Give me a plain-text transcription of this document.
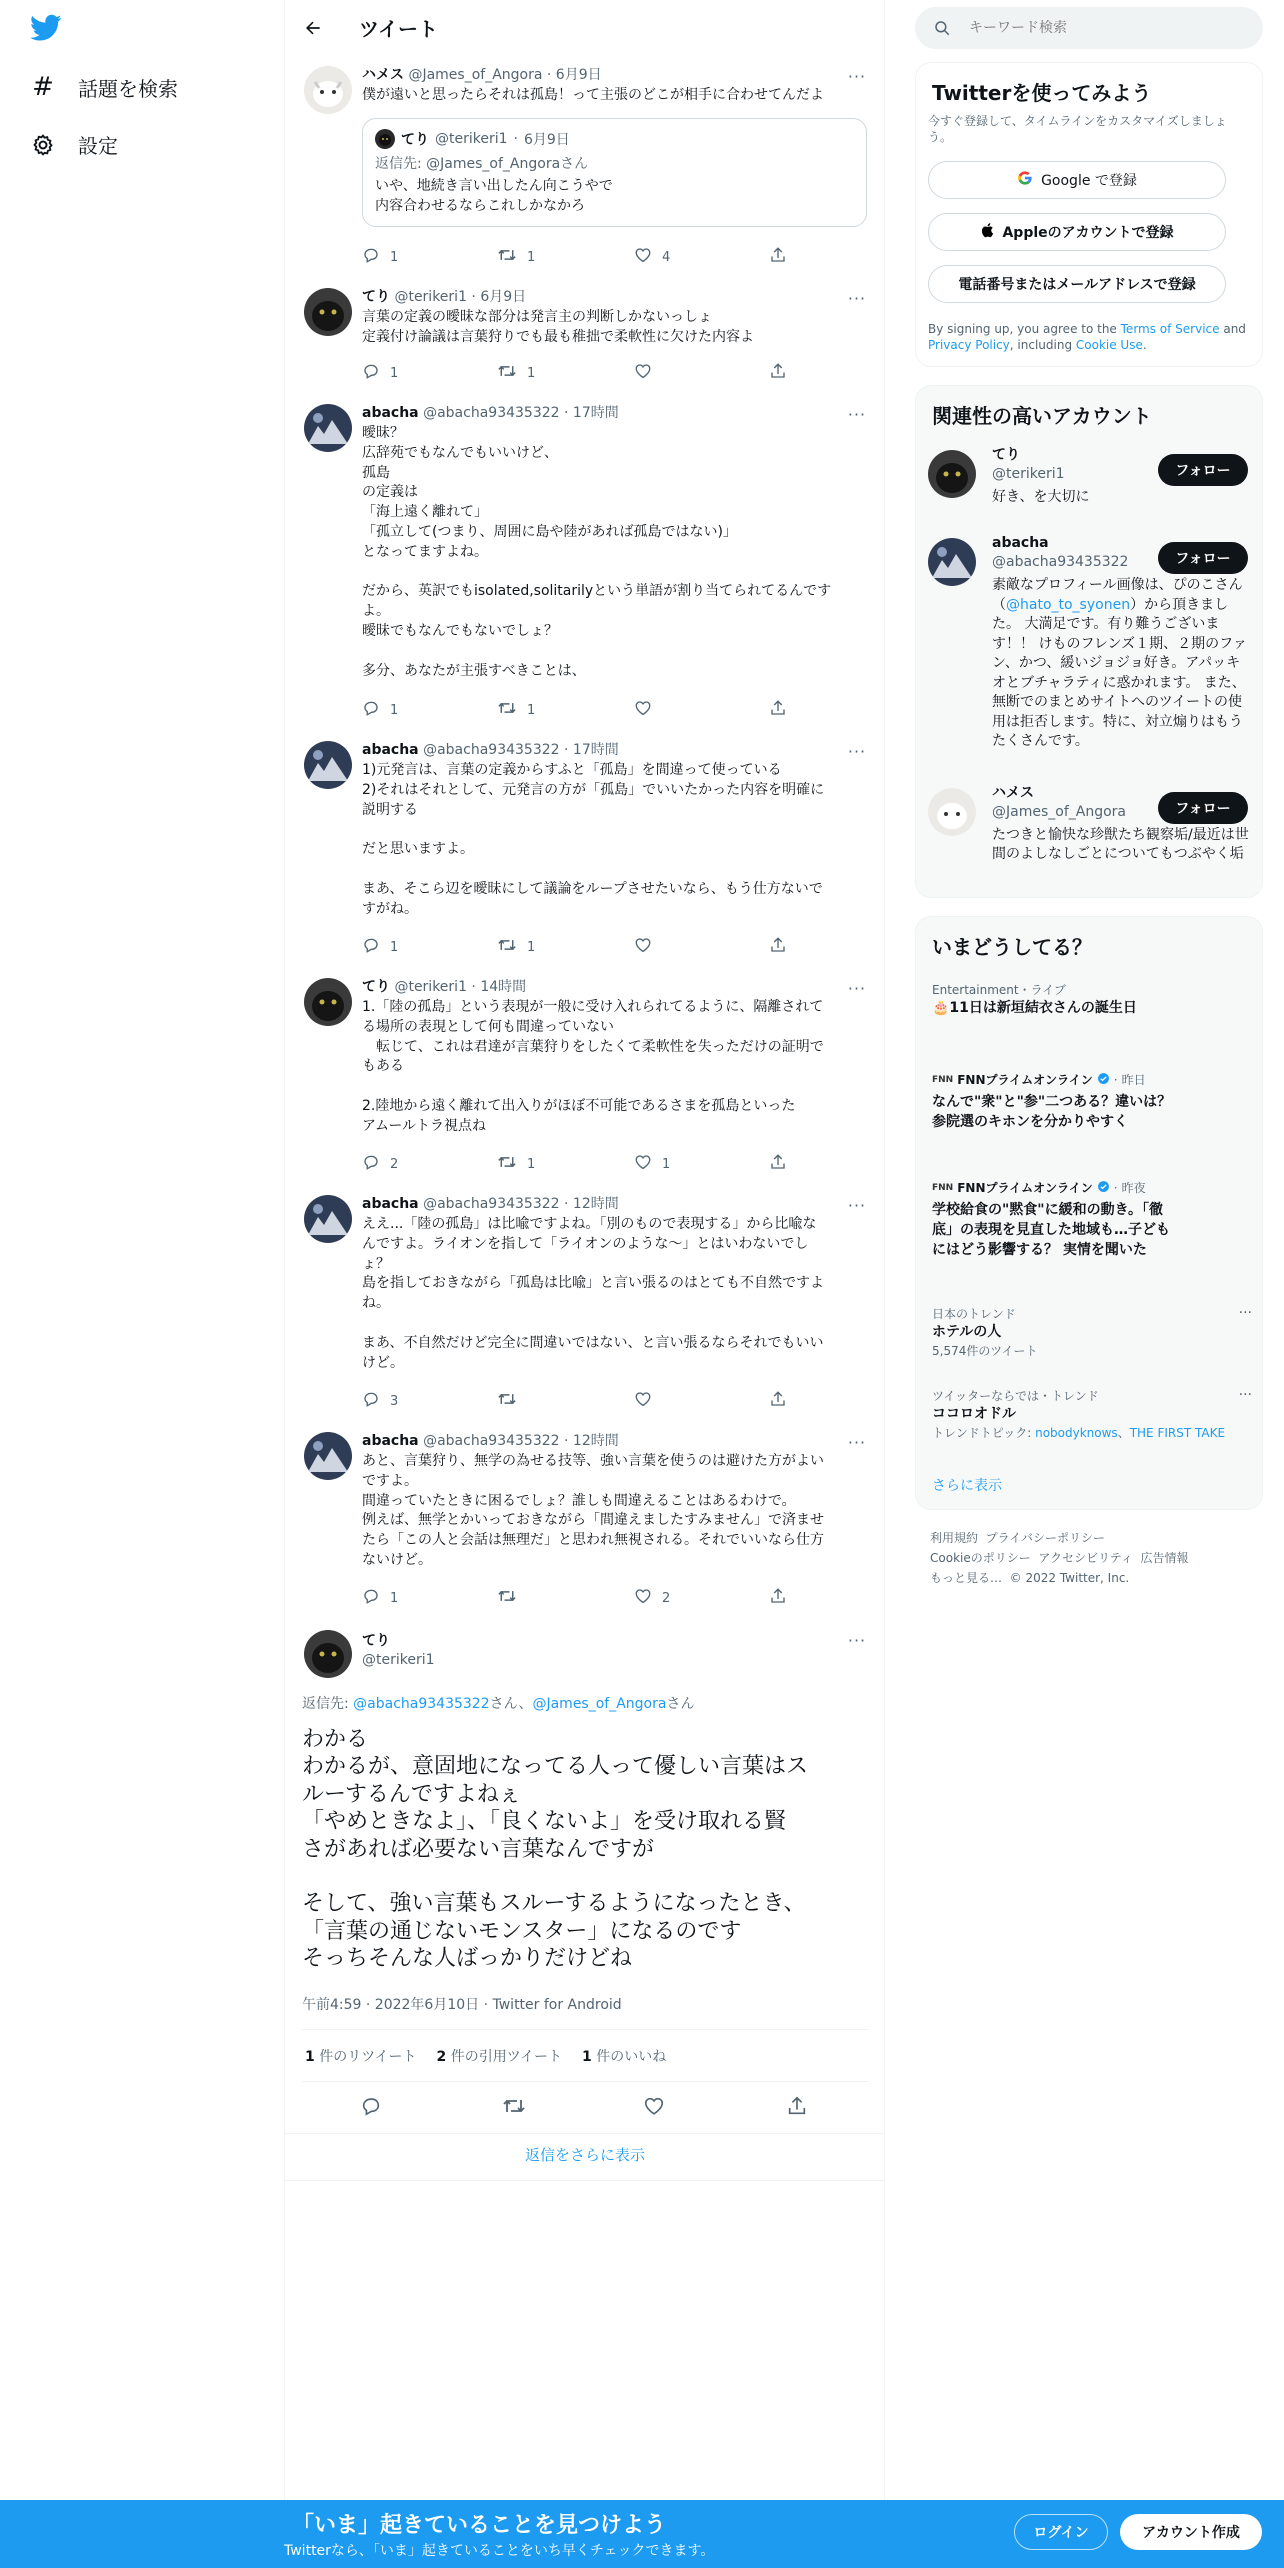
# 話題を検索
設定
ツイート
ハメス @James_of_Angora · 6月9日
僕が遠いと思ったらそれは孤島！って主張のどこが相手に合わせてんだよ
てり @terikeri1 · 6月9日
返信先: @James_of_Angoraさん
いや、地続き言い出したん向こうやで
内容合わせるならこれしかなかろ
···
1	1	4
てり @terikeri1 · 6月9日
言葉の定義の曖昧な部分は発言主の判断しかないっしょ
定義付け論議は言葉狩りでも最も稚拙で柔軟性に欠けた内容よ
···
1	1
abacha @abacha93435322 · 17時間
曖昧？
広辞苑でもなんでもいいけど、
孤島
の定義は
「海上遠く離れて」
「孤立して(つまり、周囲に島や陸があれば孤島ではない)」
となってますよね。

だから、英訳でもisolated,solitarilyという単語が割り当てられてるんです
よ。
曖昧でもなんでもないでしょ？

多分、あなたが主張すべきことは、
···
1	1
abacha @abacha93435322 · 17時間
1)元発言は、言葉の定義からすふと「孤島」を間違って使っている
2)それはそれとして、元発言の方が「孤島」でいいたかった内容を明確に
説明する

だと思いますよ。

まあ、そこら辺を曖昧にして議論をループさせたいなら、もう仕方ないで
すがね。
···
1	1
てり @terikeri1 · 14時間
1.「陸の孤島」という表現が一般に受け入れられてるように、隔離されて
る場所の表現として何も間違っていない
　転じて、これは君達が言葉狩りをしたくて柔軟性を失っただけの証明で
もある

2.陸地から遠く離れて出入りがほぼ不可能であるさまを孤島といった
アムールトラ視点ね
···
2	1	1
abacha @abacha93435322 · 12時間
ええ...「陸の孤島」は比喩ですよね。「別のもので表現する」から比喩な
んですよ。ライオンを指して「ライオンのような～」とはいわないでし
ょ？
島を指しておきながら「孤島は比喩」と言い張るのはとても不自然ですよ
ね。

まあ、不自然だけど完全に間違いではない、と言い張るならそれでもいい
けど。
···
3
abacha @abacha93435322 · 12時間
あと、言葉狩り、無学の為せる技等、強い言葉を使うのは避けた方がよい
ですよ。
間違っていたときに困るでしょ？誰しも間違えることはあるわけで。
例えば、無学とかいっておきながら「間違えましたすみません」で済ませ
たら「この人と会話は無理だ」と思われ無視される。それでいいなら仕方
ないけど。
···
1	2
てり
@terikeri1
···
返信先: @abacha93435322さん、@James_of_Angoraさん
わかる
わかるが、意固地になってる人って優しい言葉はス
ルーするんですよねぇ
「やめときなよ」、「良くないよ」を受け取れる賢
さがあれば必要ない言葉なんですが

そして、強い言葉もスルーするようになったとき、
「言葉の通じないモンスター」になるのです
そっちそんな人ばっかりだけどね
午前4:59 · 2022年6月10日 · Twitter for Android
1 件のリツイート 2 件の引用ツイート 1 件のいいね
返信をさらに表示
キーワード検索
Twitterを使ってみよう
今すぐ登録して、タイムラインをカスタマイズしましょう。
Google で登録
Appleのアカウントで登録
電話番号またはメールアドレスで登録
By signing up, you agree to the Terms of Service and Privacy Policy, including Cookie Use.
関連性の高いアカウント
てり
@terikeri1
好き、を大切に
フォロー
abacha
@abacha93435322
素敵なプロフィール画像は、ぴのこさん（@hato_to_syonen）から頂きました。 大満足です。有り難うございます！！ けものフレンズ１期、２期のファン、かつ、緩いジョジョ好き。アパッキオとブチャラティに惑かれます。 また、無断でのまとめサイトへのツイートの使用は拒否します。特に、対立煽りはもうたくさんです。
フォロー
ハメス
@James_of_Angora
たつきと愉快な珍獣たち観察垢/最近は世間のよしなしごとについてもつぶやく垢
フォロー
いまどうしてる？
Entertainment・ライブ
🎂11日は新垣結衣さんの誕生日
FNN FNNプライムオンライン · 昨日
なんで"衆"と"参"二つある？違いは？ 参院選のキホンを分かりやすく
FNN FNNプライムオンライン · 昨夜
学校給食の"黙食"に緩和の動き。「徹底」の表現を見直した地域も…子どもにはどう影響する？ 実情を聞いた
日本のトレンド
ホテルの人
5,574件のツイート
···
ツイッターならでは・トレンド
ココロオドル
トレンドトピック: nobodyknows、THE FIRST TAKE
···
さらに表示
利用規約 プライバシーポリシー
Cookieのポリシー アクセシビリティ 広告情報
もっと見る… © 2022 Twitter, Inc.
「いま」起きていることを見つけよう
Twitterなら、「いま」起きていることをいち早くチェックできます。
ログイン	アカウント作成
